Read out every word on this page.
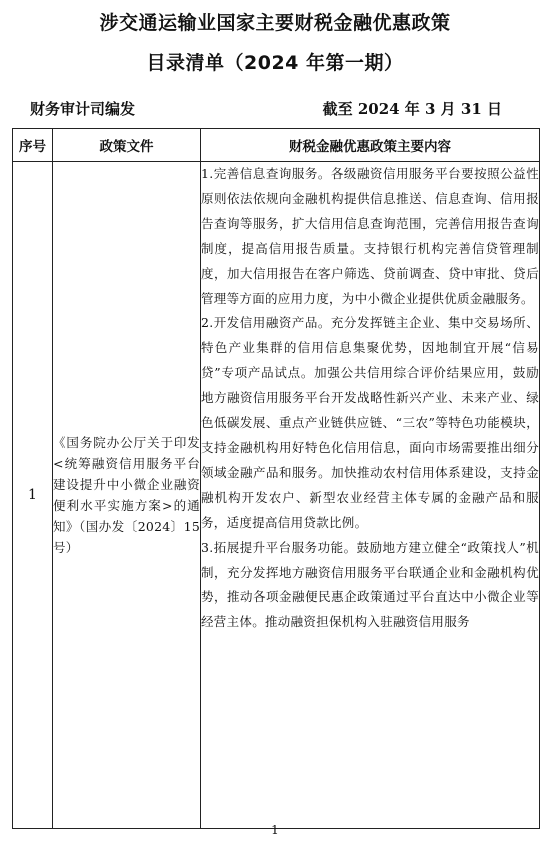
涉交通运输业国家主要财税金融优惠政策
目录清单（2024 年第一期）
财务审计司编发	截至 2024 年 3 月 31 日
序号	政策文件	财税金融优惠政策主要内容
1	《国务院办公厅关于印发<统筹融资信用服务平台建设提升中小微企业融资便利水平实施方案>的通知》（国办发〔2024〕15 号）	1.完善信息查询服务。各级融资信用服务平台要按照公益性原则依法依规向金融机构提供信息推送、信息查询、信用报告查询等服务，扩大信用信息查询范围，完善信用报告查询制度，提高信用报告质量。支持银行机构完善信贷管理制度，加大信用报告在客户筛选、贷前调查、贷中审批、贷后管理等方面的应用力度，为中小微企业提供优质金融服务。

2.开发信用融资产品。充分发挥链主企业、集中交易场所、特色产业集群的信用信息集聚优势，因地制宜开展“信易贷”专项产品试点。加强公共信用综合评价结果应用，鼓励地方融资信用服务平台开发战略性新兴产业、未来产业、绿色低碳发展、重点产业链供应链、“三农”等特色功能模块，支持金融机构用好特色化信用信息，面向市场需要推出细分领域金融产品和服务。加快推动农村信用体系建设，支持金融机构开发农户、新型农业经营主体专属的金融产品和服务，适度提高信用贷款比例。

3.拓展提升平台服务功能。鼓励地方建立健全“政策找人”机制，充分发挥地方融资信用服务平台联通企业和金融机构优势，推动各项金融便民惠企政策通过平台直达中小微企业等经营主体。推动融资担保机构入驻融资信用服务

1
